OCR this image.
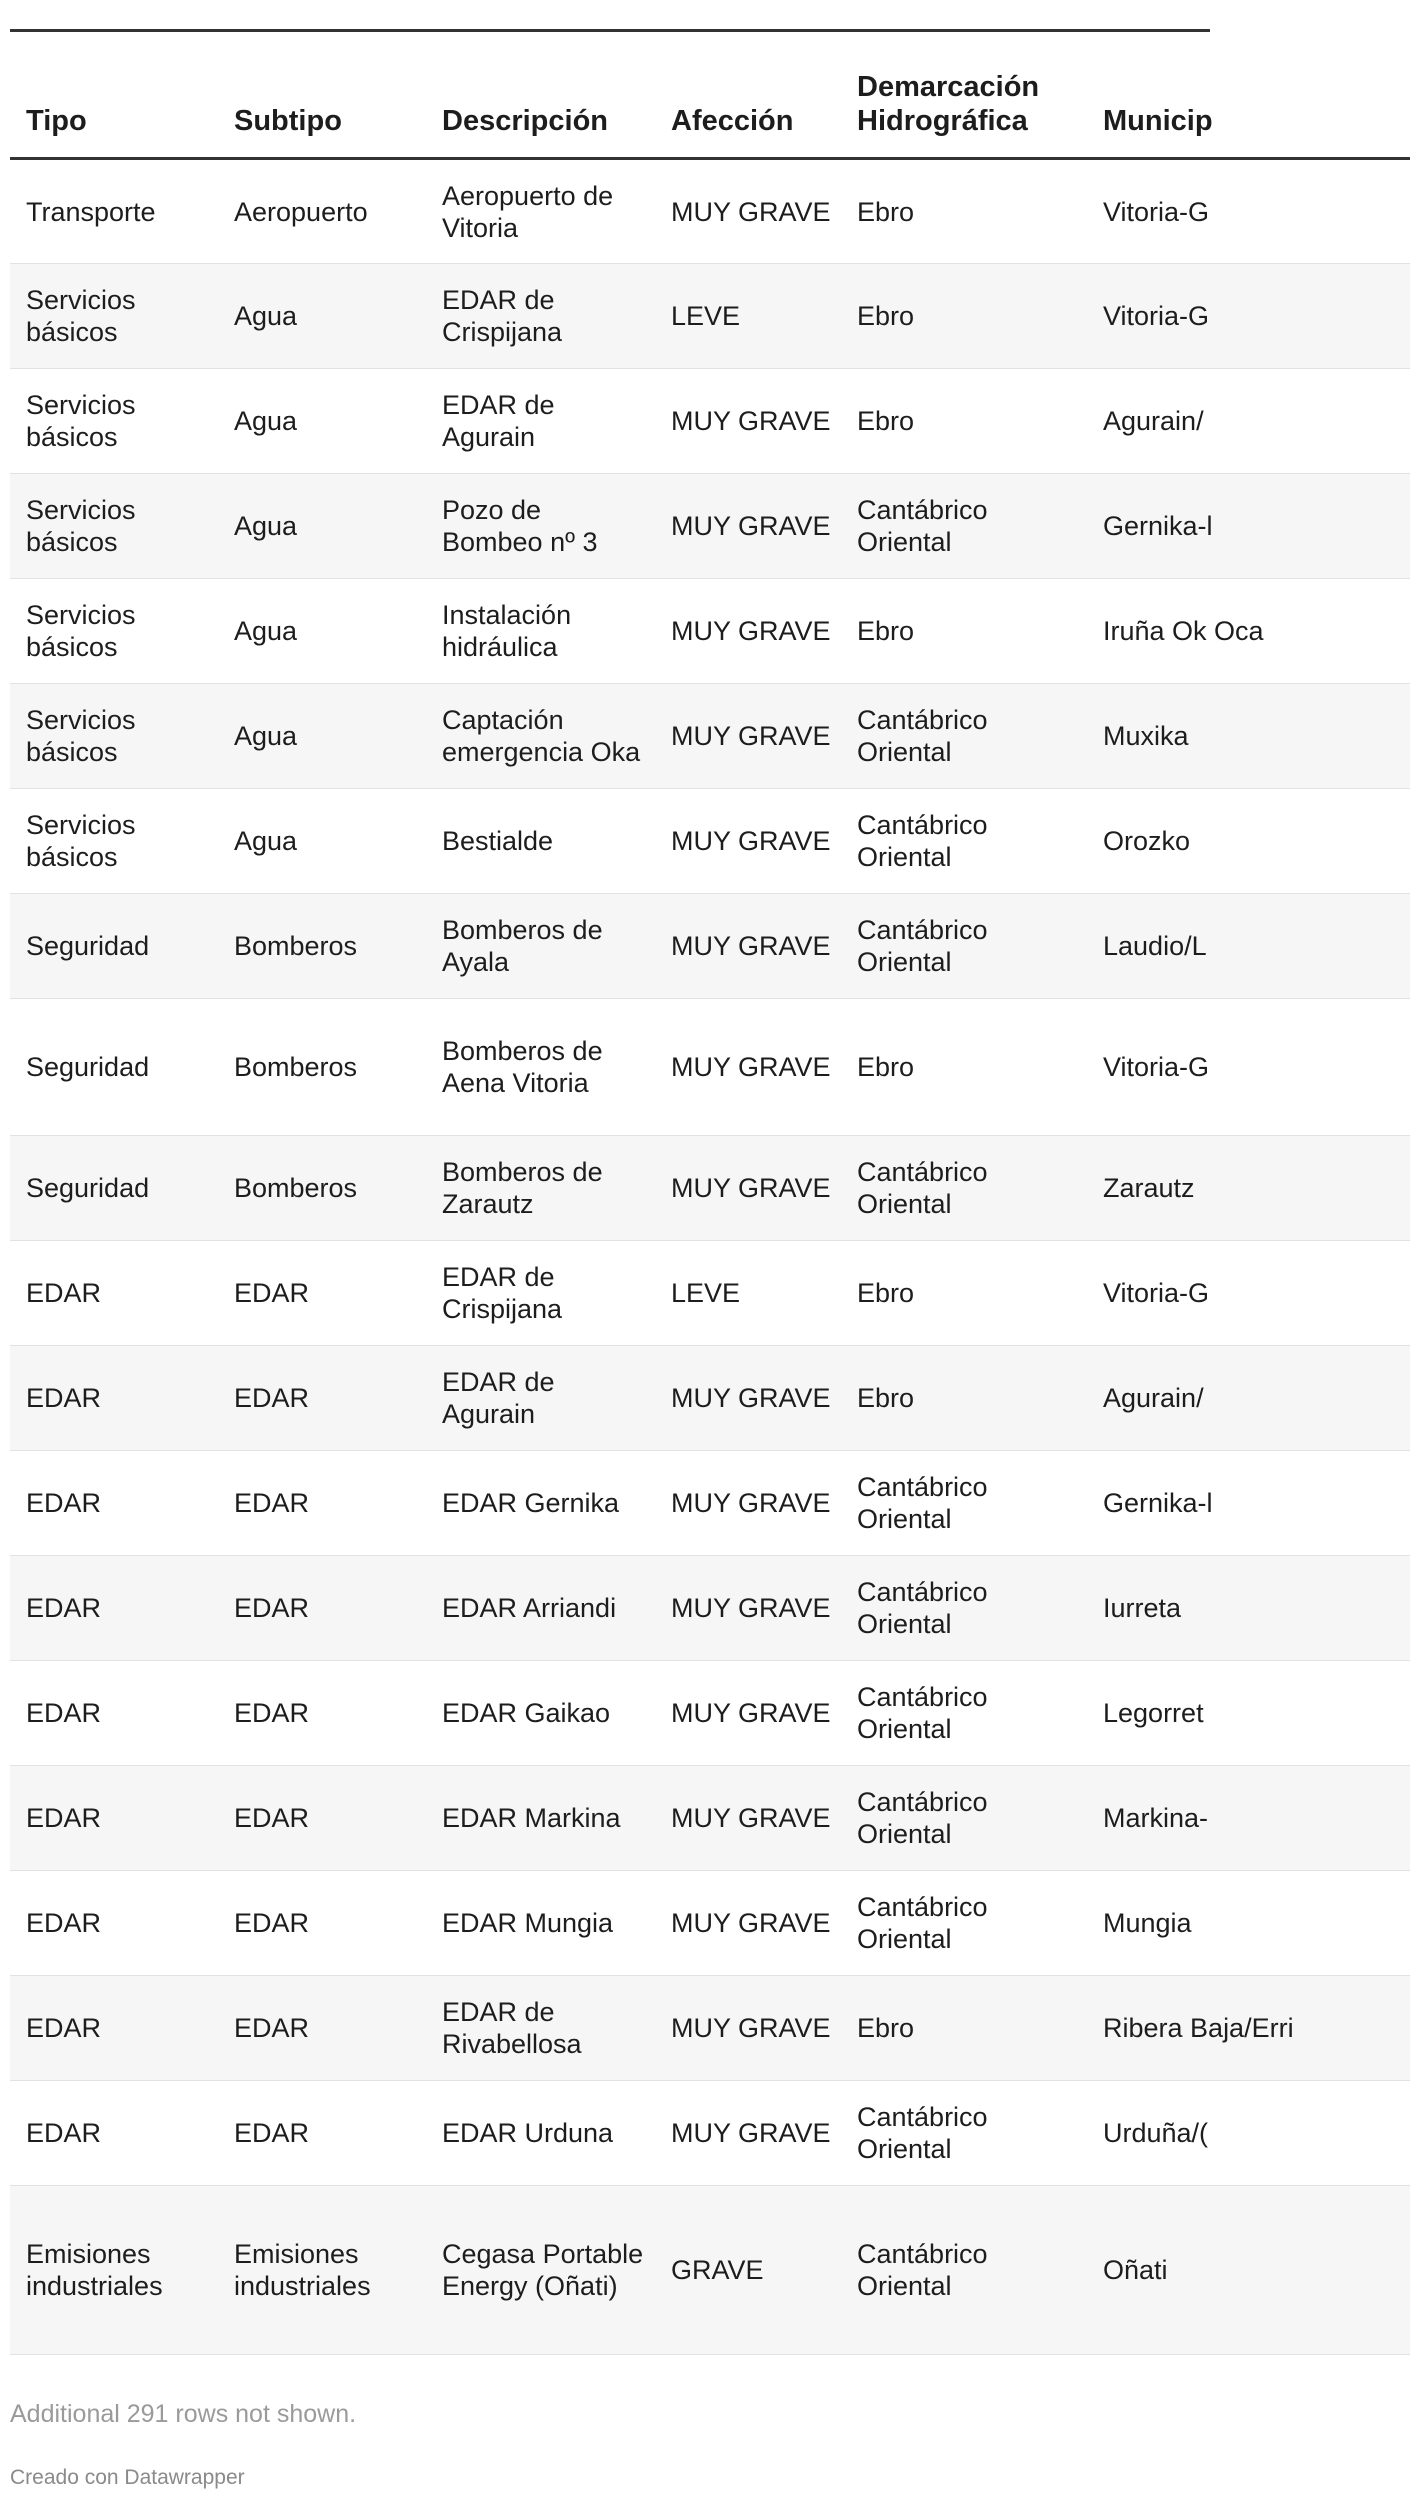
Tipo	Subtipo	Descripción	Afección	Demarcación Hidrográfica	Municip
Transporte	Aeropuerto	Aeropuerto de Vitoria	MUY GRAVE	Ebro	Vitoria-G
Servicios básicos	Agua	EDAR de Crispijana	LEVE	Ebro	Vitoria-G
Servicios básicos	Agua	EDAR de Agurain	MUY GRAVE	Ebro	Agurain/
Servicios básicos	Agua	Pozo de Bombeo nº 3	MUY GRAVE	Cantábrico Oriental	Gernika-l
Servicios básicos	Agua	Instalación hidráulica	MUY GRAVE	Ebro	Iruña Ok Oca
Servicios básicos	Agua	Captación emergencia Oka	MUY GRAVE	Cantábrico Oriental	Muxika
Servicios básicos	Agua	Bestialde	MUY GRAVE	Cantábrico Oriental	Orozko
Seguridad	Bomberos	Bomberos de Ayala	MUY GRAVE	Cantábrico Oriental	Laudio/L
Seguridad	Bomberos	Bomberos de Aena Vitoria	MUY GRAVE	Ebro	Vitoria-G
Seguridad	Bomberos	Bomberos de Zarautz	MUY GRAVE	Cantábrico Oriental	Zarautz
EDAR	EDAR	EDAR de Crispijana	LEVE	Ebro	Vitoria-G
EDAR	EDAR	EDAR de Agurain	MUY GRAVE	Ebro	Agurain/
EDAR	EDAR	EDAR Gernika	MUY GRAVE	Cantábrico Oriental	Gernika-l
EDAR	EDAR	EDAR Arriandi	MUY GRAVE	Cantábrico Oriental	Iurreta
EDAR	EDAR	EDAR Gaikao	MUY GRAVE	Cantábrico Oriental	Legorret
EDAR	EDAR	EDAR Markina	MUY GRAVE	Cantábrico Oriental	Markina-
EDAR	EDAR	EDAR Mungia	MUY GRAVE	Cantábrico Oriental	Mungia
EDAR	EDAR	EDAR de Rivabellosa	MUY GRAVE	Ebro	Ribera Baja/Erri
EDAR	EDAR	EDAR Urduna	MUY GRAVE	Cantábrico Oriental	Urduña/(
Emisiones industriales	Emisiones industriales	Cegasa Portable Energy (Oñati)	GRAVE	Cantábrico Oriental	Oñati
Additional 291 rows not shown.
Creado con Datawrapper
